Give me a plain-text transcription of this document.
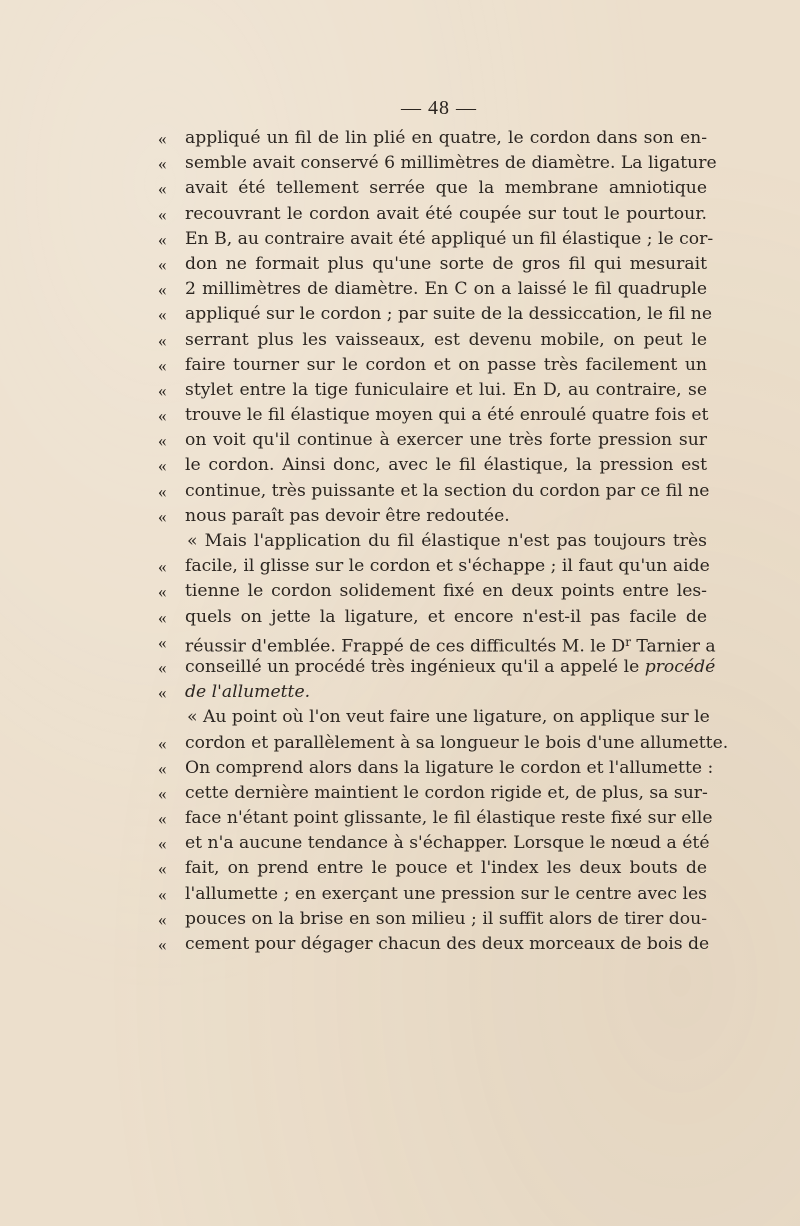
— 48 —
«	appliqué un fil de lin plié en quatre, le cordon dans son en-
«	semble avait conservé 6 millimètres de diamètre. La ligature
«	avait été tellement serrée que la membrane amniotique
«	recouvrant le cordon avait été coupée sur tout le pourtour.
«	En B, au contraire avait été appliqué un fil élastique ; le cor-
«	don ne formait plus qu'une sorte de gros fil qui mesurait
«	2 millimètres de diamètre. En C on a laissé le fil quadruple
«	appliqué sur le cordon ; par suite de la dessiccation, le fil ne
«	serrant plus les vaisseaux, est devenu mobile, on peut le
«	faire tourner sur le cordon et on passe très facilement un
«	stylet entre la tige funiculaire et lui. En D, au contraire, se
«	trouve le fil élastique moyen qui a été enroulé quatre fois et
«	on voit qu'il continue à exercer une très forte pression sur
«	le cordon. Ainsi donc, avec le fil élastique, la pression est
«	continue, très puissante et la section du cordon par ce fil ne
«	nous paraît pas devoir être redoutée.
« Mais l'application du fil élastique n'est pas toujours très
«	facile, il glisse sur le cordon et s'échappe ; il faut qu'un aide
«	tienne le cordon solidement fixé en deux points entre les-
«	quels on jette la ligature, et encore n'est-il pas facile de
«	réussir d'emblée. Frappé de ces difficultés M. le $D^r$ Tarnier a
«	conseillé un procédé très ingénieux qu'il a appelé le procédé
«	de l'allumette.
« Au point où l'on veut faire une ligature, on applique sur le
«	cordon et parallèlement à sa longueur le bois d'une allumette.
«	On comprend alors dans la ligature le cordon et l'allumette :
«	cette dernière maintient le cordon rigide et, de plus, sa sur-
«	face n'étant point glissante, le fil élastique reste fixé sur elle
«	et n'a aucune tendance à s'échapper. Lorsque le nœud a été
«	fait, on prend entre le pouce et l'index les deux bouts de
«	l'allumette ; en exerçant une pression sur le centre avec les
«	pouces on la brise en son milieu ; il suffit alors de tirer dou-
«	cement pour dégager chacun des deux morceaux de bois de
